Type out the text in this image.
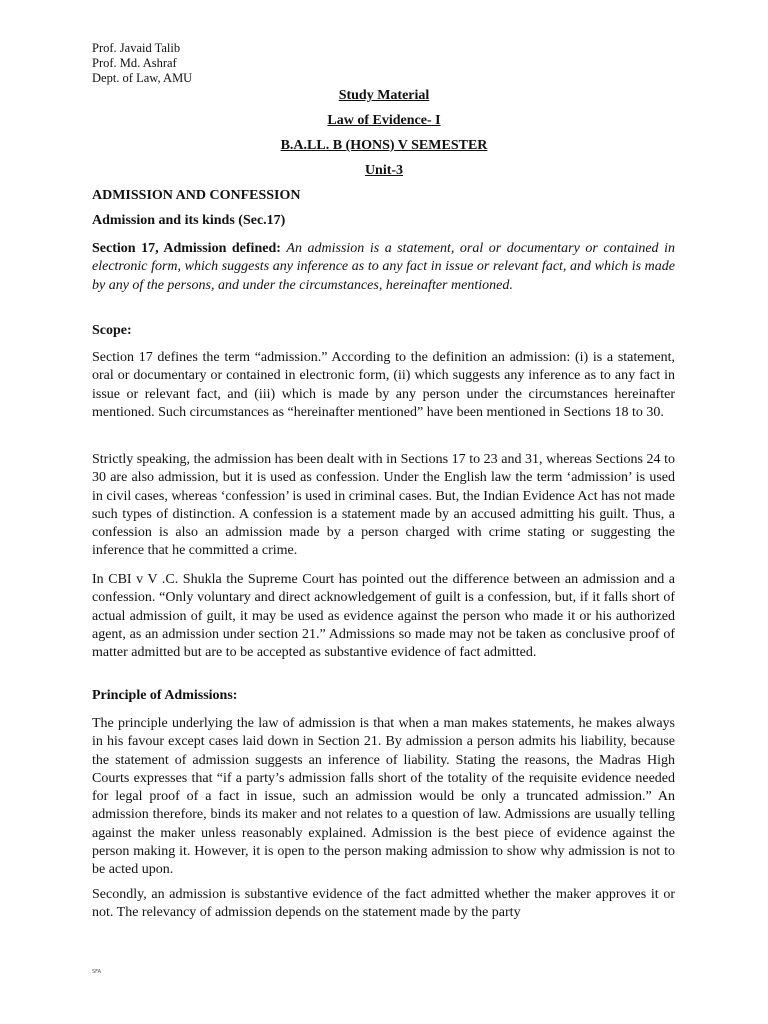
Prof. Javaid Talib
Prof. Md. Ashraf
Dept. of Law, AMU
Study Material
Law of Evidence- I
B.A.LL. B (HONS) V SEMESTER
Unit-3
ADMISSION AND CONFESSION
Admission and its kinds (Sec.17)
Section 17, Admission defined: An admission is a statement, oral or documentary or contained in electronic form, which suggests any inference as to any fact in issue or relevant fact, and which is made by any of the persons, and under the circumstances, hereinafter mentioned.
Scope:
Section 17 defines the term “admission.” According to the definition an admission: (i) is a statement, oral or documentary or contained in electronic form, (ii) which suggests any inference as to any fact in issue or relevant fact, and (iii) which is made by any person under the circumstances hereinafter mentioned. Such circumstances as “hereinafter mentioned” have been mentioned in Sections 18 to 30.
Strictly speaking, the admission has been dealt with in Sections 17 to 23 and 31, whereas Sections 24 to 30 are also admission, but it is used as confession. Under the English law the term ‘admission’ is used in civil cases, whereas ‘confession’ is used in criminal cases. But, the Indian Evidence Act has not made such types of distinction. A confession is a statement made by an accused admitting his guilt. Thus, a confession is also an admission made by a person charged with crime stating or suggesting the inference that he committed a crime.
In CBI v V .C. Shukla the Supreme Court has pointed out the difference between an admission and a confession. “Only voluntary and direct acknowledgement of guilt is a confession, but, if it falls short of actual admission of guilt, it may be used as evidence against the person who made it or his authorized agent, as an admission under section 21.” Admissions so made may not be taken as conclusive proof of matter admitted but are to be accepted as substantive evidence of fact admitted.
Principle of Admissions:
The principle underlying the law of admission is that when a man makes statements, he makes always in his favour except cases laid down in Section 21. By admission a person admits his liability, because the statement of admission suggests an inference of liability. Stating the reasons, the Madras High Courts expresses that “if a party’s admission falls short of the totality of the requisite evidence needed for legal proof of a fact in issue, such an admission would be only a truncated admission.” An admission therefore, binds its maker and not relates to a question of law. Admissions are usually telling against the maker unless reasonably explained. Admission is the best piece of evidence against the person making it. However, it is open to the person making admission to show why admission is not to be acted upon.
Secondly, an admission is substantive evidence of the fact admitted whether the maker approves it or not. The relevancy of admission depends on the statement made by the party
SFA
